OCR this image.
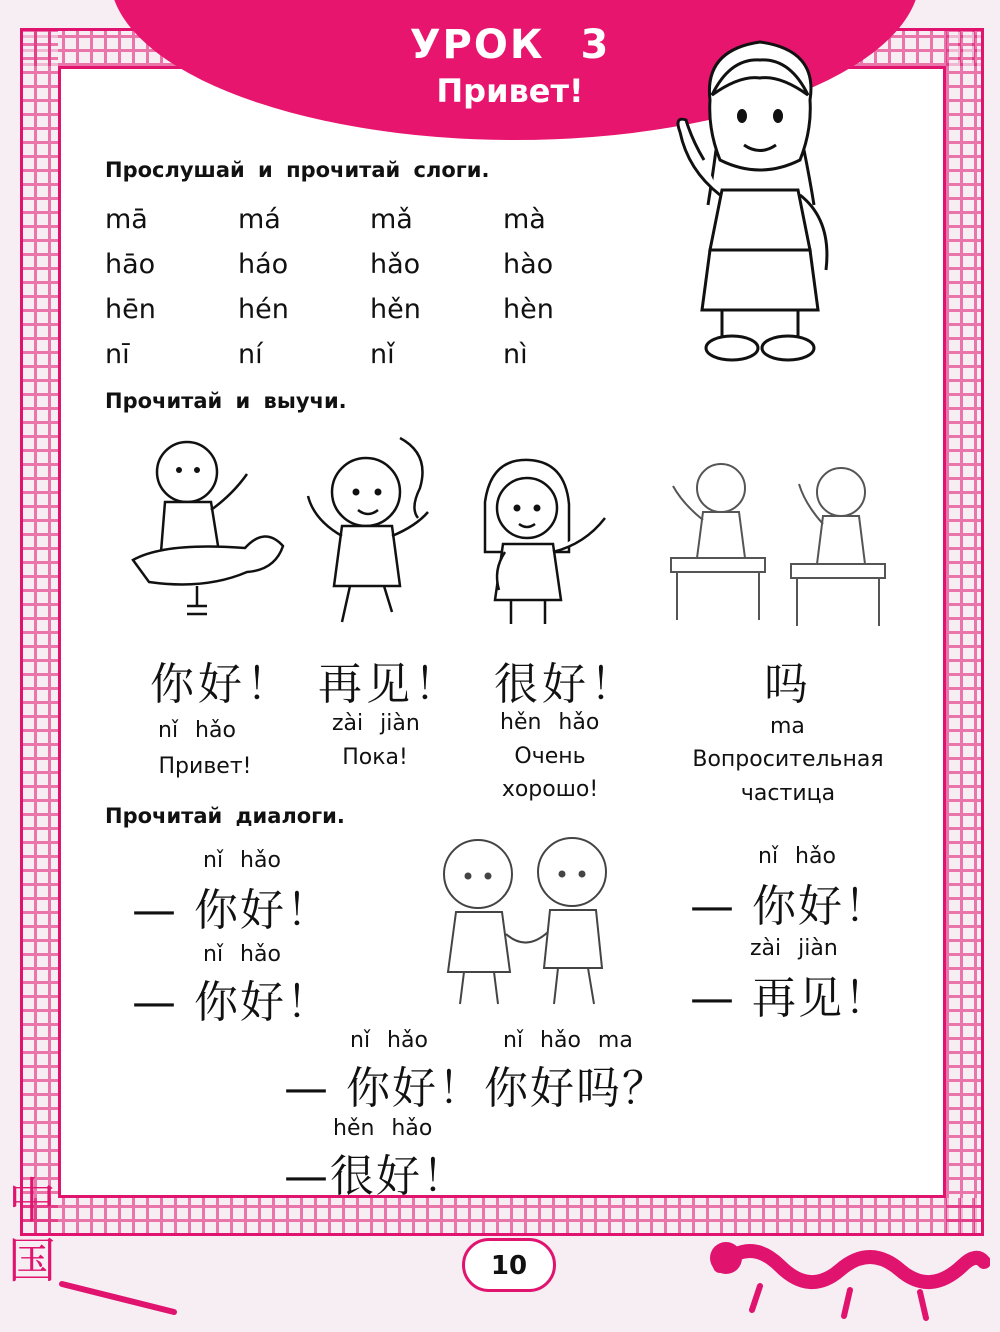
УРОК 3
Привет!
Прослушай и прочитай слоги.
mā	má	mǎ	mà
hāo	háo	hǎo	hào
hēn	hén	hěn	hèn
nī	ní	nǐ	nì
Прочитай и выучи.
你好！
nǐ hǎo
Привет!
再见！
zài jiàn
Пока!
很好！
hěn hǎo
Очень
хорошо!
吗
ma
Вопросительная
частица
Прочитай диалоги.
nǐ hǎo
— 你好！
nǐ hǎo
— 你好！
nǐ hǎo
— 你好！
zài jiàn
— 再见！
nǐ hǎo	nǐ hǎo ma
— 你好！你好吗？
hěn hǎo
—很好！
中
国	10
